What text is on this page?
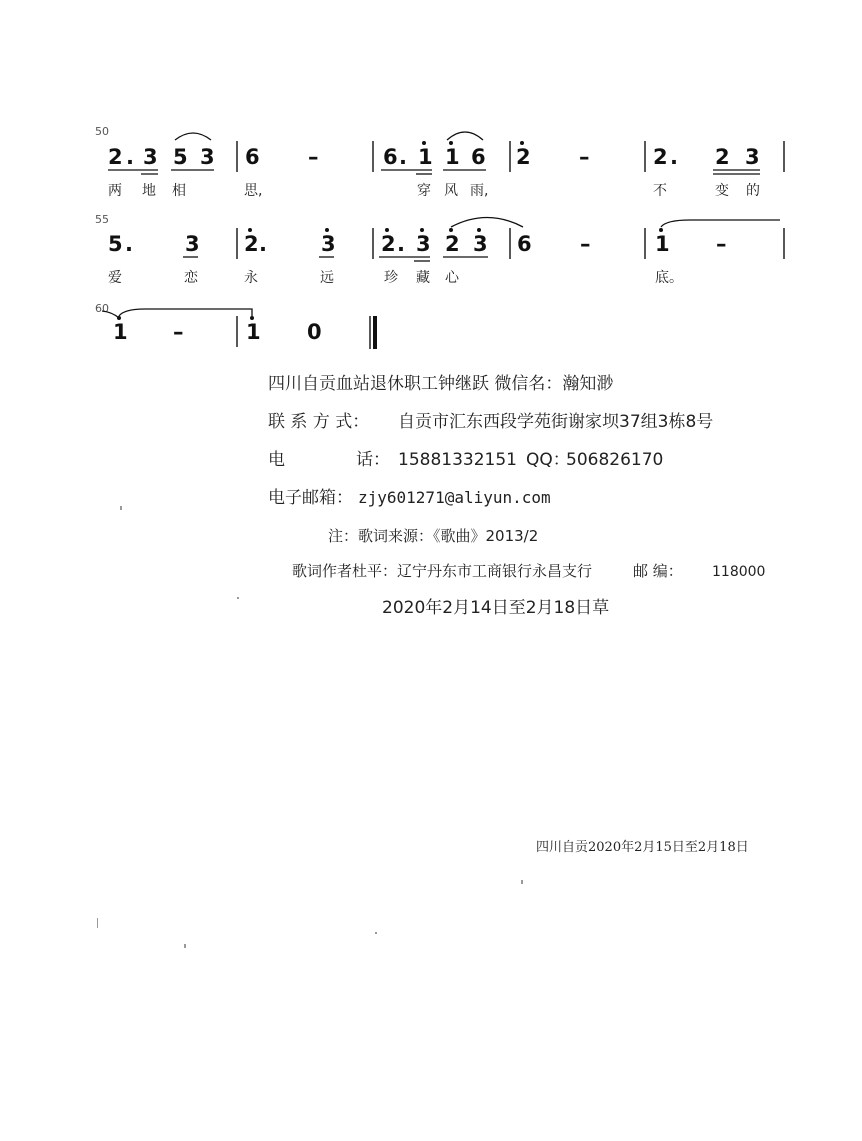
50
2 . 3 5 3 6 –	6 . 1 1 6 2 –	2 . 2 3
两 地 相	思,	穿 风 雨,	不	变 的
55
5 . 3 2 .	3 2 . 3 2 3 6 –	1 –
爱	恋	永	远	珍 藏 心	底。
60
1 –	1 0
四川自贡血站退休职工钟继跃 微信名：瀚知渺
联 系 方 式： 自贡市汇东西段学苑街谢家坝37组3栋8号
电	话： 15881332151 QQ：
506826170
电子邮箱： zjy601271@aliyun.com
注：歌词来源：《歌曲》2013/2
歌词作者杜平：辽宁丹东市工商银行永昌支行	邮 编： 118000
2020年2月14日至2月18日草
四川自贡2020年2月15日至2月18日
